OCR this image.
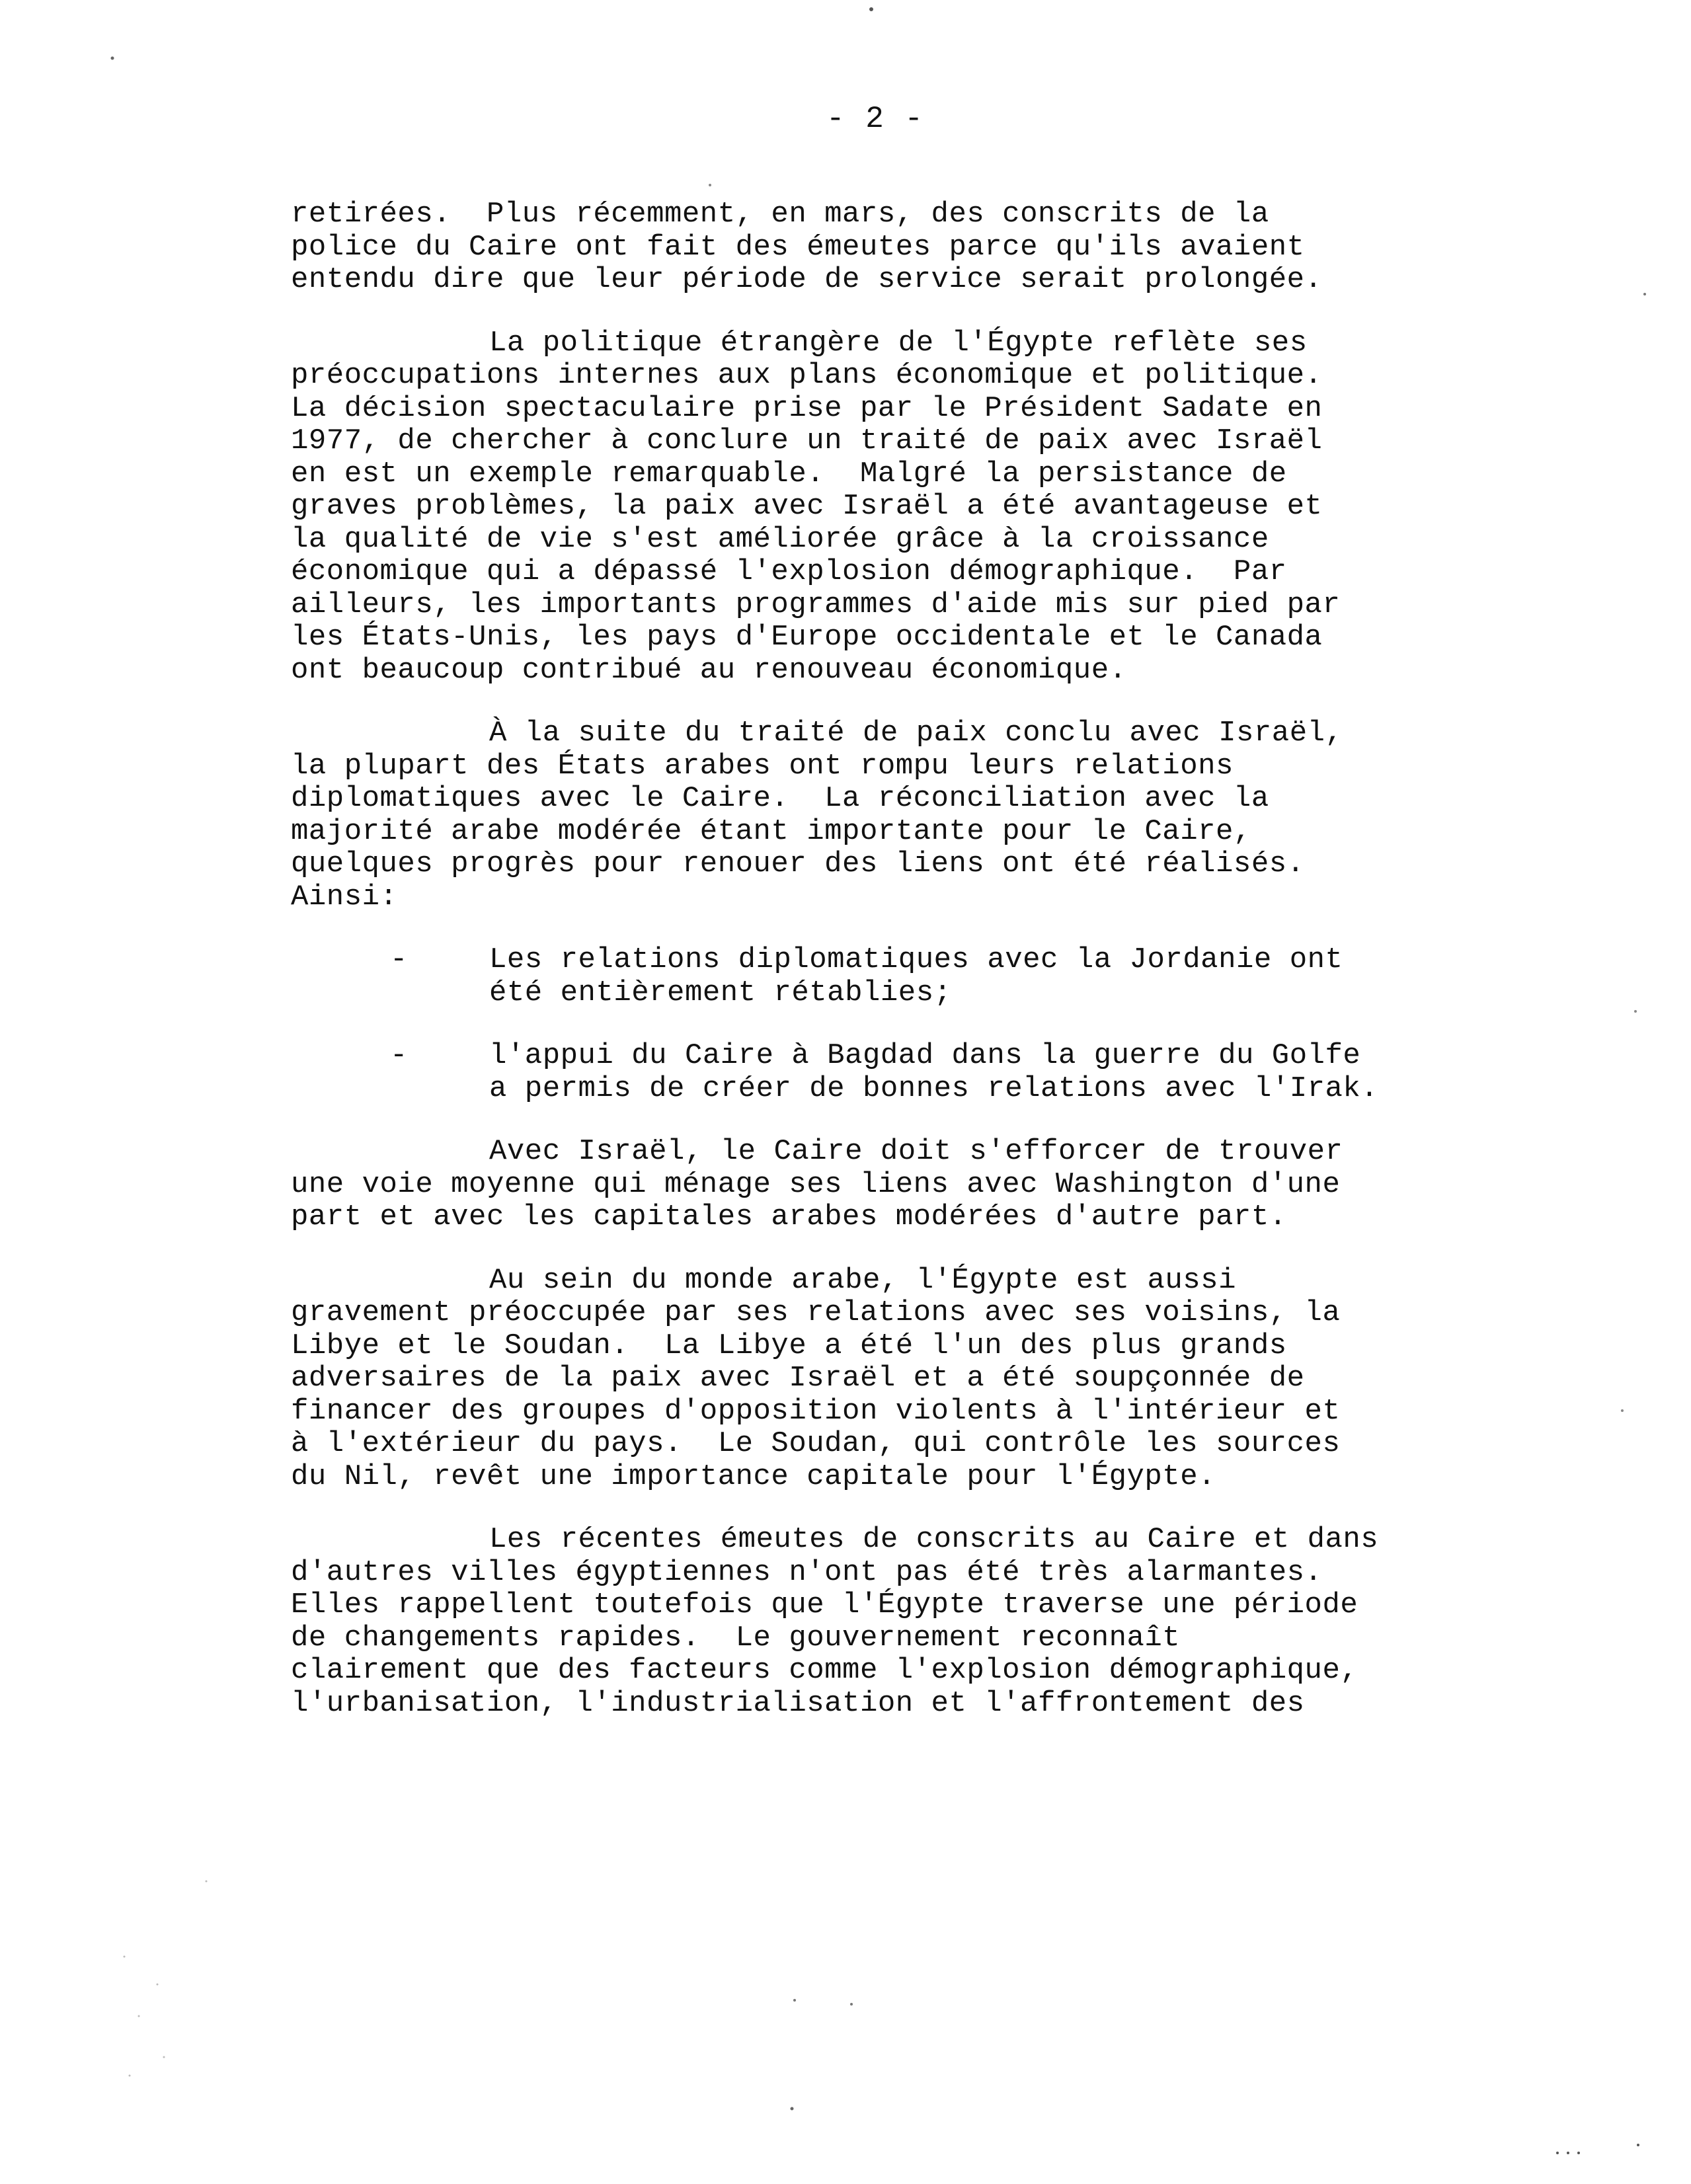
- 2 -
retirées.  Plus récemment, en mars, des conscrits de la
police du Caire ont fait des émeutes parce qu'ils avaient
entendu dire que leur période de service serait prolongée.
La politique étrangère de l'Égypte reflète ses
préoccupations internes aux plans économique et politique.
La décision spectaculaire prise par le Président Sadate en
1977, de chercher à conclure un traité de paix avec Israël
en est un exemple remarquable.  Malgré la persistance de
graves problèmes, la paix avec Israël a été avantageuse et
la qualité de vie s'est améliorée grâce à la croissance
économique qui a dépassé l'explosion démographique.  Par
ailleurs, les importants programmes d'aide mis sur pied par
les États-Unis, les pays d'Europe occidentale et le Canada
ont beaucoup contribué au renouveau économique.
À la suite du traité de paix conclu avec Israël,
la plupart des États arabes ont rompu leurs relations
diplomatiques avec le Caire.  La réconciliation avec la
majorité arabe modérée étant importante pour le Caire,
quelques progrès pour renouer des liens ont été réalisés.
Ainsi:
-	Les relations diplomatiques avec la Jordanie ont
été entièrement rétablies;
-	l'appui du Caire à Bagdad dans la guerre du Golfe
a permis de créer de bonnes relations avec l'Irak.
Avec Israël, le Caire doit s'efforcer de trouver
une voie moyenne qui ménage ses liens avec Washington d'une
part et avec les capitales arabes modérées d'autre part.
Au sein du monde arabe, l'Égypte est aussi
gravement préoccupée par ses relations avec ses voisins, la
Libye et le Soudan.  La Libye a été l'un des plus grands
adversaires de la paix avec Israël et a été soupçonnée de
financer des groupes d'opposition violents à l'intérieur et
à l'extérieur du pays.  Le Soudan, qui contrôle les sources
du Nil, revêt une importance capitale pour l'Égypte.
Les récentes émeutes de conscrits au Caire et dans
d'autres villes égyptiennes n'ont pas été très alarmantes.
Elles rappellent toutefois que l'Égypte traverse une période
de changements rapides.  Le gouvernement reconnaît
clairement que des facteurs comme l'explosion démographique,
l'urbanisation, l'industrialisation et l'affrontement des
